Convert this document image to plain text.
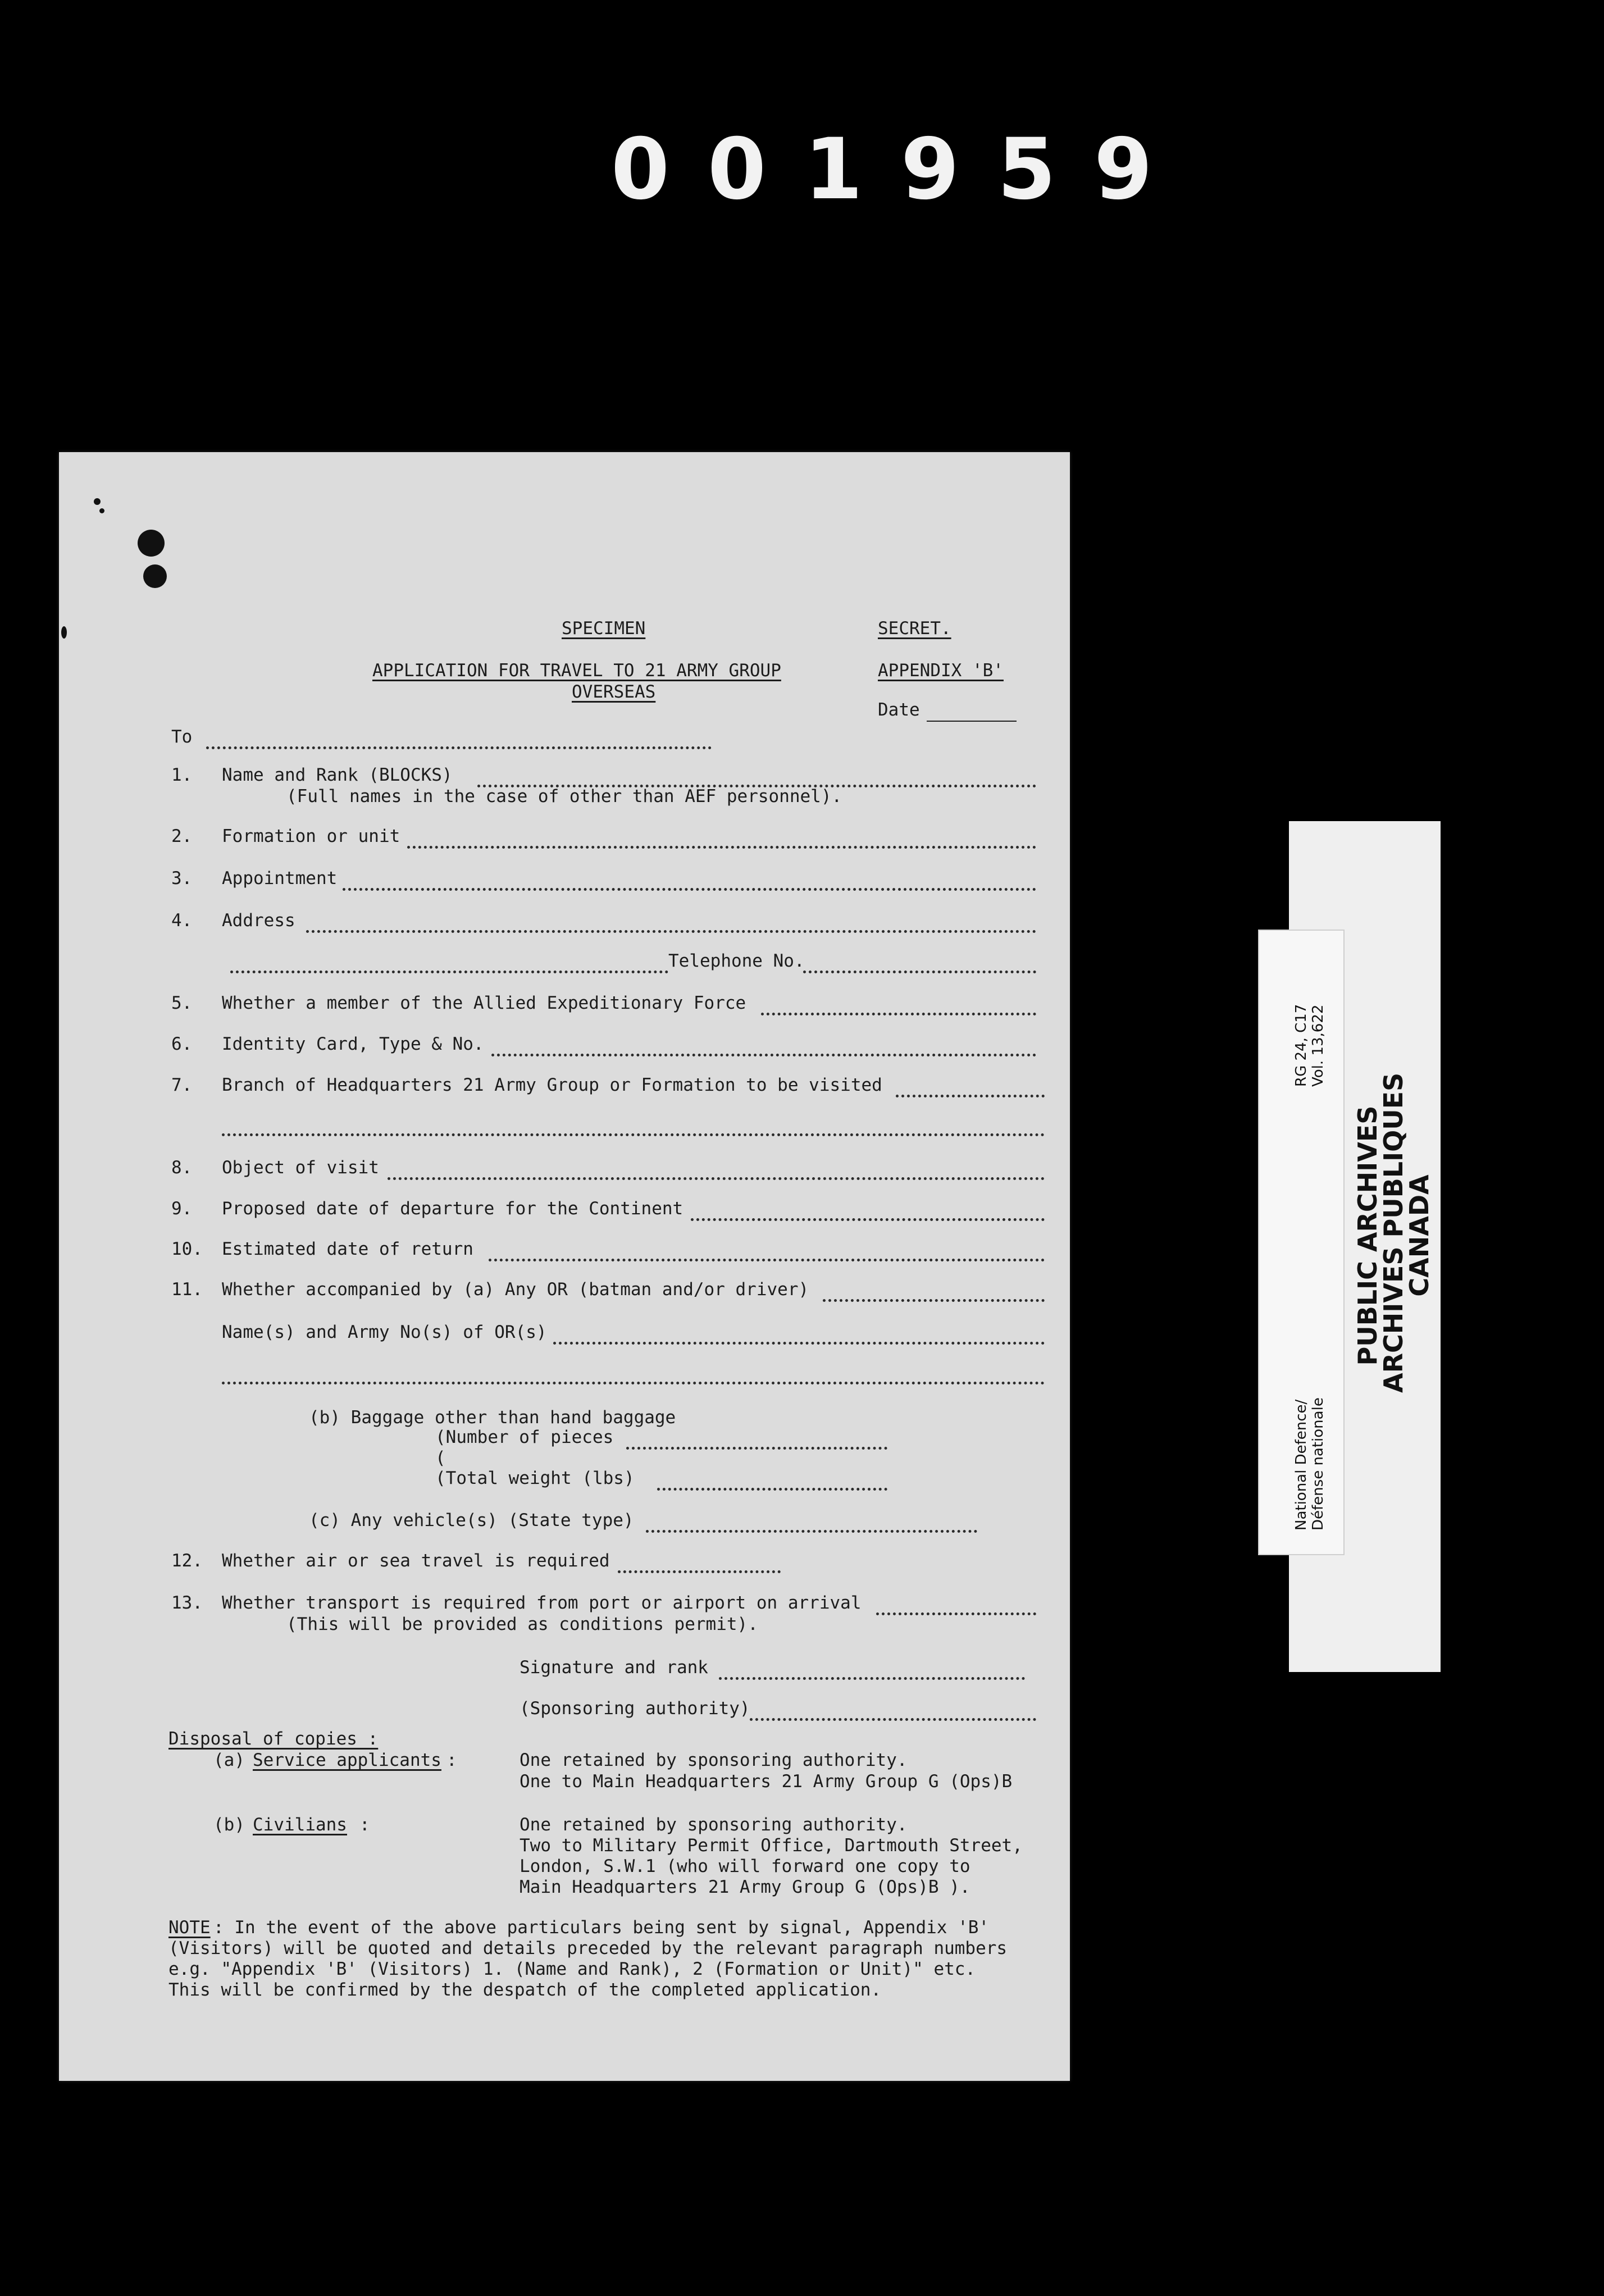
0 0 1 9 5 9
SPECIMEN	SECRET.
APPLICATION FOR TRAVEL TO 21 ARMY GROUP
OVERSEAS
APPENDIX 'B'
Date
To
1. Name and Rank (BLOCKS)
(Full names in the case of other than AEF personnel).
2. Formation or unit
3. Appointment
4. Address
Telephone No.
5. Whether a member of the Allied Expeditionary Force
6. Identity Card, Type & No.
7. Branch of Headquarters 21 Army Group or Formation to be visited
8. Object of visit
9. Proposed date of departure for the Continent
10. Estimated date of return
11. Whether accompanied by (a) Any OR (batman and/or driver)
Name(s) and Army No(s) of OR(s)
(b) Baggage other than hand baggage
(Number of pieces
(
(Total weight (lbs)
(c) Any vehicle(s) (State type)
12. Whether air or sea travel is required
13. Whether transport is required from port or airport on arrival
(This will be provided as conditions permit).
Signature and rank
(Sponsoring authority)
Disposal of copies :
(a) Service applicants :	One retained by sponsoring authority.
One to Main Headquarters 21 Army Group G (Ops)B
(b) Civilians :	One retained by sponsoring authority.
Two to Military Permit Office, Dartmouth Street,
London, S.W.1 (who will forward one copy to
Main Headquarters 21 Army Group G (Ops)B ).
NOTE : In the event of the above particulars being sent by signal, Appendix 'B'
(Visitors) will be quoted and details preceded by the relevant paragraph numbers
e.g. "Appendix 'B' (Visitors) 1. (Name and Rank), 2 (Formation or Unit)" etc.
This will be confirmed by the despatch of the completed application.
PUBLIC ARCHIVES
ARCHIVES PUBLIQUES
CANADA
National Defence/ Défense nationale
RG 24, C17 Vol. 13,622
